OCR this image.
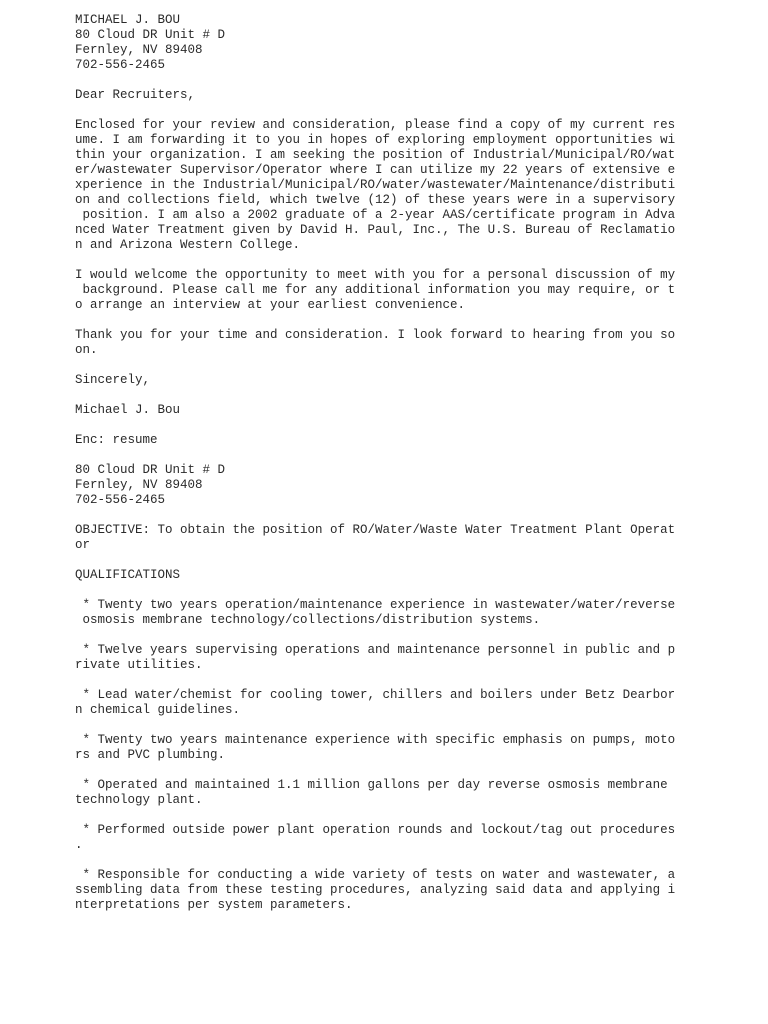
MICHAEL J. BOU
80 Cloud DR Unit # D
Fernley, NV 89408
702-556-2465
Dear Recruiters,
Enclosed for your review and consideration, please find a copy of my current res
ume. I am forwarding it to you in hopes of exploring employment opportunities wi
thin your organization. I am seeking the position of Industrial/Municipal/RO/wat
er/wastewater Supervisor/Operator where I can utilize my 22 years of extensive e
xperience in the Industrial/Municipal/RO/water/wastewater/Maintenance/distributi
on and collections field, which twelve (12) of these years were in a supervisory
position. I am also a 2002 graduate of a 2-year AAS/certificate program in Adva
nced Water Treatment given by David H. Paul, Inc., The U.S. Bureau of Reclamatio
n and Arizona Western College.
I would welcome the opportunity to meet with you for a personal discussion of my
background. Please call me for any additional information you may require, or t
o arrange an interview at your earliest convenience.
Thank you for your time and consideration. I look forward to hearing from you so
on.
Sincerely,
Michael J. Bou
Enc: resume
80 Cloud DR Unit # D
Fernley, NV 89408
702-556-2465
OBJECTIVE: To obtain the position of RO/Water/Waste Water Treatment Plant Operat
or
QUALIFICATIONS
* Twenty two years operation/maintenance experience in wastewater/water/reverse
osmosis membrane technology/collections/distribution systems.
* Twelve years supervising operations and maintenance personnel in public and p
rivate utilities.
* Lead water/chemist for cooling tower, chillers and boilers under Betz Dearbor
n chemical guidelines.
* Twenty two years maintenance experience with specific emphasis on pumps, moto
rs and PVC plumbing.
* Operated and maintained 1.1 million gallons per day reverse osmosis membrane
technology plant.
* Performed outside power plant operation rounds and lockout/tag out procedures
.
* Responsible for conducting a wide variety of tests on water and wastewater, a
ssembling data from these testing procedures, analyzing said data and applying i
nterpretations per system parameters.
